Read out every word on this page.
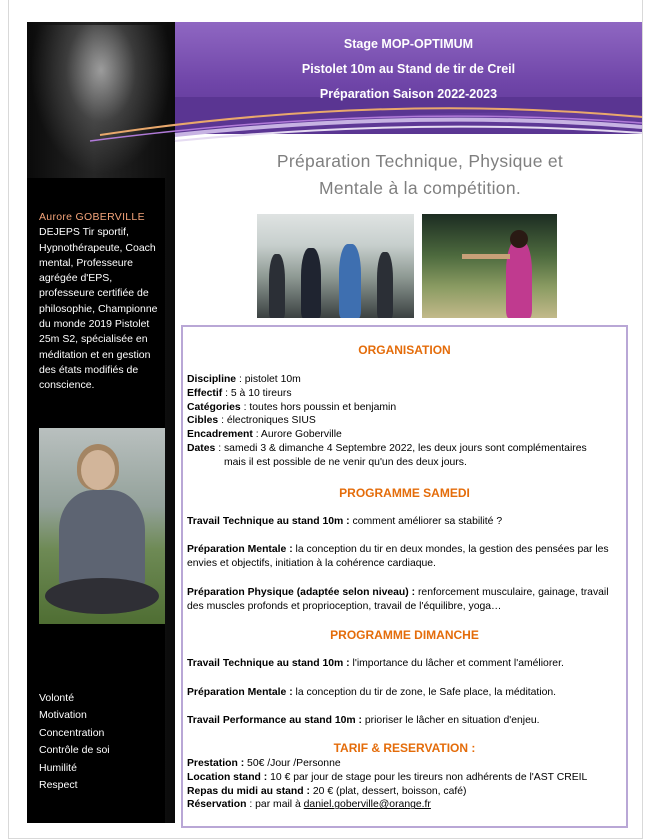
Aurore GOBERVILLE
DEJEPS Tir sportif,
Hypnothérapeute, Coach
mental, Professeure
agrégée d'EPS,
professeure certifiée de
philosophie, Championne
du monde 2019 Pistolet
25m S2, spécialisée en
méditation et en gestion
des états modifiés de
conscience.
Volonté
Motivation
Concentration
Contrôle de soi
Humilité
Respect
Stage MOP-OPTIMUM
Pistolet 10m au Stand de tir de Creil
Préparation Saison 2022-2023
Préparation Technique, Physique et
Mentale à la compétition.
ORGANISATION
Discipline : pistolet 10m
Effectif : 5 à 10 tireurs
Catégories : toutes hors poussin et benjamin
Cibles : électroniques SIUS
Encadrement : Aurore Goberville
Dates : samedi 3 & dimanche 4 Septembre 2022, les deux jours sont complémentaires
mais il est possible de ne venir qu'un des deux jours.
PROGRAMME SAMEDI
Travail Technique au stand 10m : comment améliorer sa stabilité ?
Préparation Mentale : la conception du tir en deux mondes, la gestion des pensées par les
envies et objectifs, initiation à la cohérence cardiaque.
Préparation Physique (adaptée selon niveau) : renforcement musculaire, gainage, travail
des muscles profonds et proprioception, travail de l'équilibre, yoga…
PROGRAMME DIMANCHE
Travail Technique au stand 10m : l'importance du lâcher et comment l'améliorer.
Préparation Mentale : la conception du tir de zone, le Safe place, la méditation.
Travail Performance au stand 10m : prioriser le lâcher en situation d'enjeu.
TARIF & RESERVATION :
Prestation : 50€ /Jour /Personne
Location stand : 10 € par jour de stage pour les tireurs non adhérents de l'AST CREIL
Repas du midi au stand : 20 € (plat, dessert, boisson, café)
Réservation : par mail à daniel.goberville@orange.fr
